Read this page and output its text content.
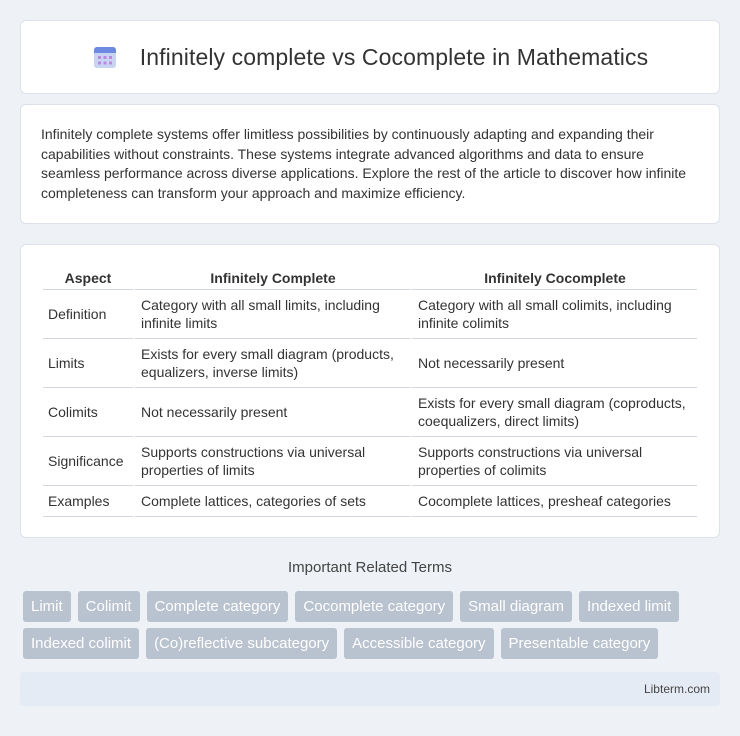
Infinitely complete vs Cocomplete in Mathematics

Infinitely complete systems offer limitless possibilities by continuously adapting and expanding their capabilities without constraints. These systems integrate advanced algorithms and data to ensure seamless performance across diverse applications. Explore the rest of the article to discover how infinite completeness can transform your approach and maximize efficiency.

Aspect	Infinitely Complete	Infinitely Cocomplete
Definition	Category with all small limits, including infinite limits	Category with all small colimits, including infinite colimits
Limits	Exists for every small diagram (products, equalizers, inverse limits)	Not necessarily present
Colimits	Not necessarily present	Exists for every small diagram (coproducts, coequalizers, direct limits)
Significance	Supports constructions via universal properties of limits	Supports constructions via universal properties of colimits
Examples	Complete lattices, categories of sets	Cocomplete lattices, presheaf categories
Important Related Terms
Limit	Colimit	Complete category	Cocomplete category	Small diagram	Indexed limit
Indexed colimit	(Co)reflective subcategory	Accessible category	Presentable category
Libterm.com
